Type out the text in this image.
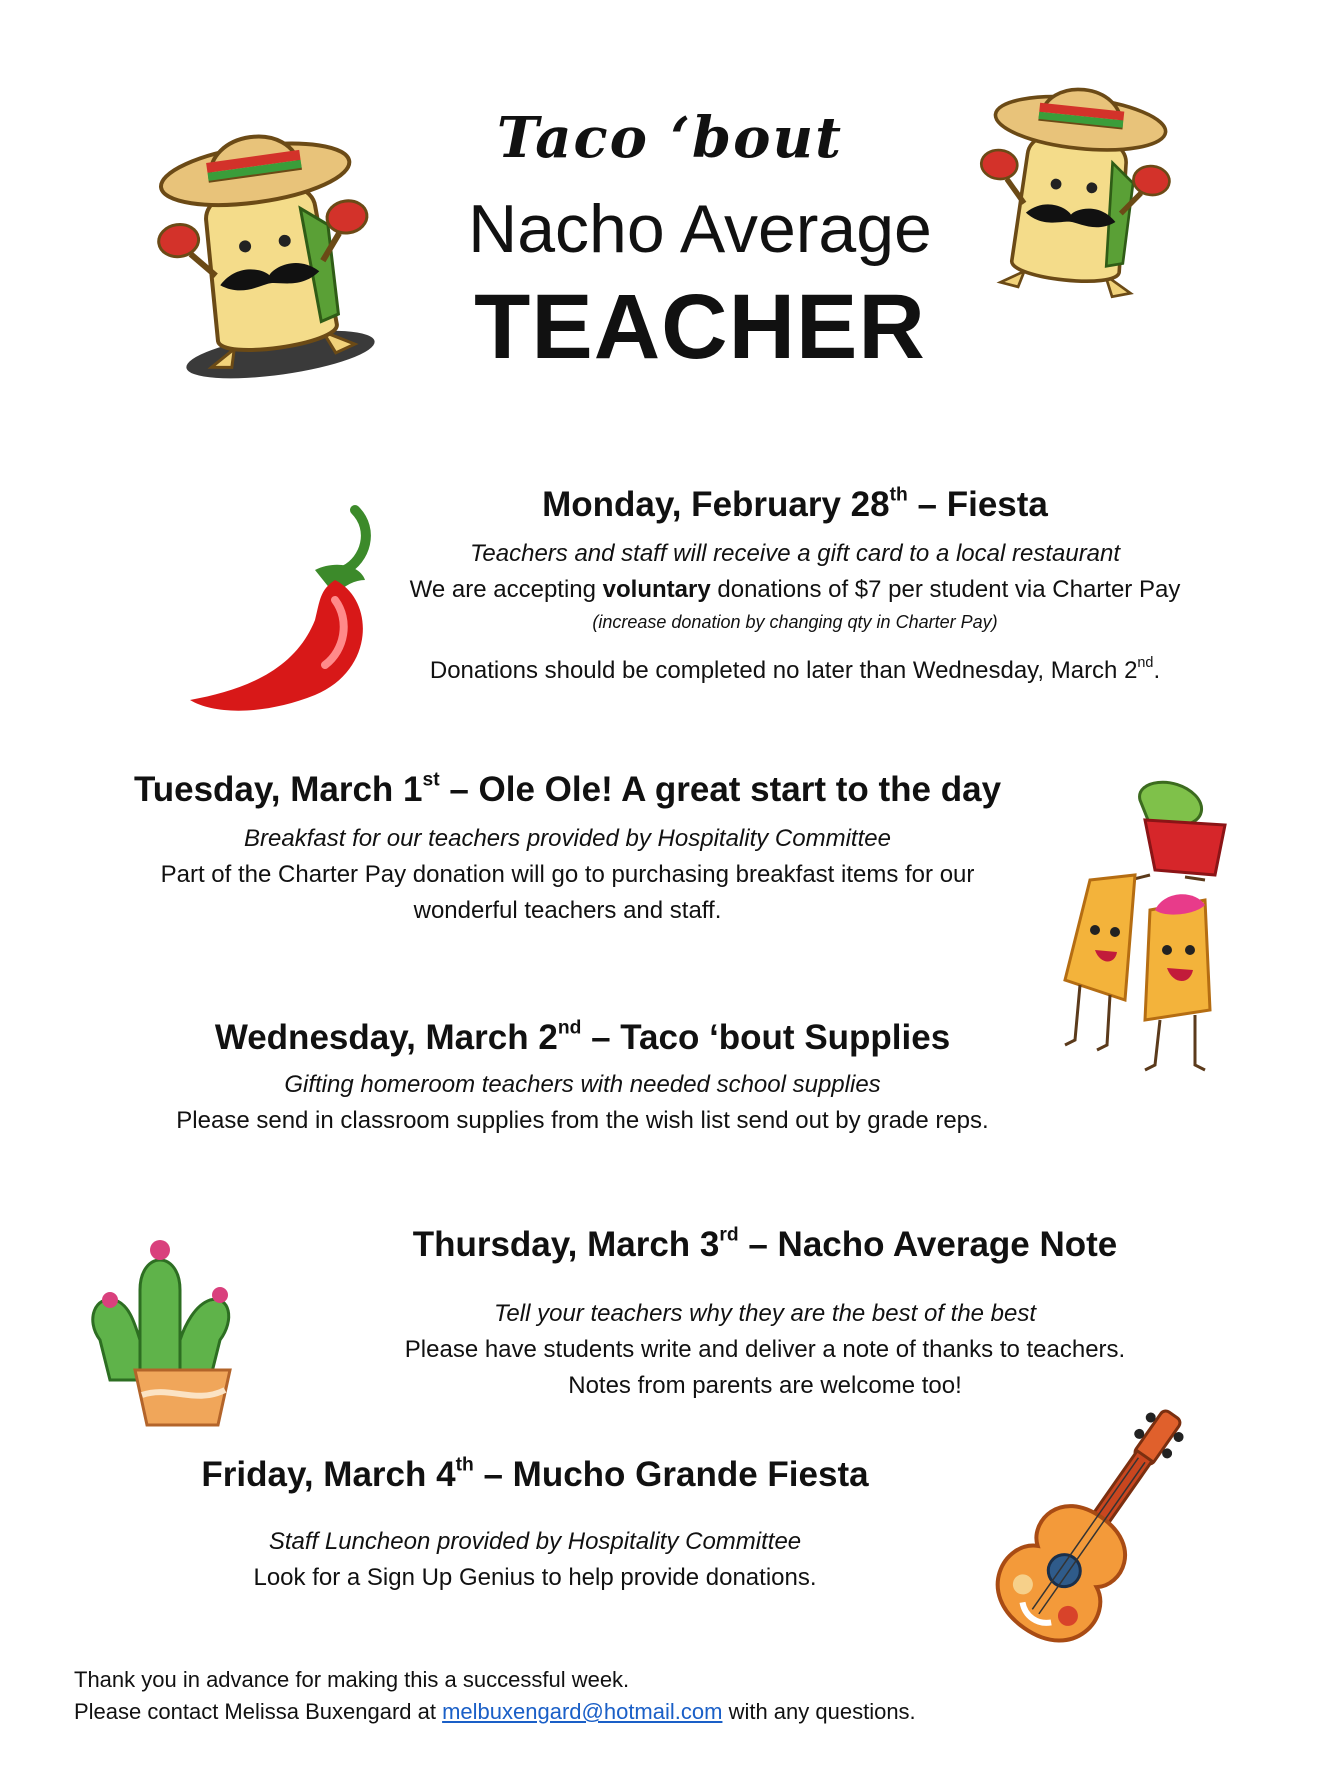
Taco ‘bout
Nacho Average
TEACHER
Monday, February 28th – Fiesta
Teachers and staff will receive a gift card to a local restaurant
We are accepting voluntary donations of $7 per student via Charter Pay
(increase donation by changing qty in Charter Pay)
Donations should be completed no later than Wednesday, March 2nd.
Tuesday, March 1st – Ole Ole! A great start to the day
Breakfast for our teachers provided by Hospitality Committee
Part of the Charter Pay donation will go to purchasing breakfast items for our
wonderful teachers and staff.
Wednesday, March 2nd – Taco ‘bout Supplies
Gifting homeroom teachers with needed school supplies
Please send in classroom supplies from the wish list send out by grade reps.
Thursday, March 3rd – Nacho Average Note
Tell your teachers why they are the best of the best
Please have students write and deliver a note of thanks to teachers.
Notes from parents are welcome too!
Friday, March 4th – Mucho Grande Fiesta
Staff Luncheon provided by Hospitality Committee
Look for a Sign Up Genius to help provide donations.
Thank you in advance for making this a successful week.
Please contact Melissa Buxengard at melbuxengard@hotmail.com with any questions.
